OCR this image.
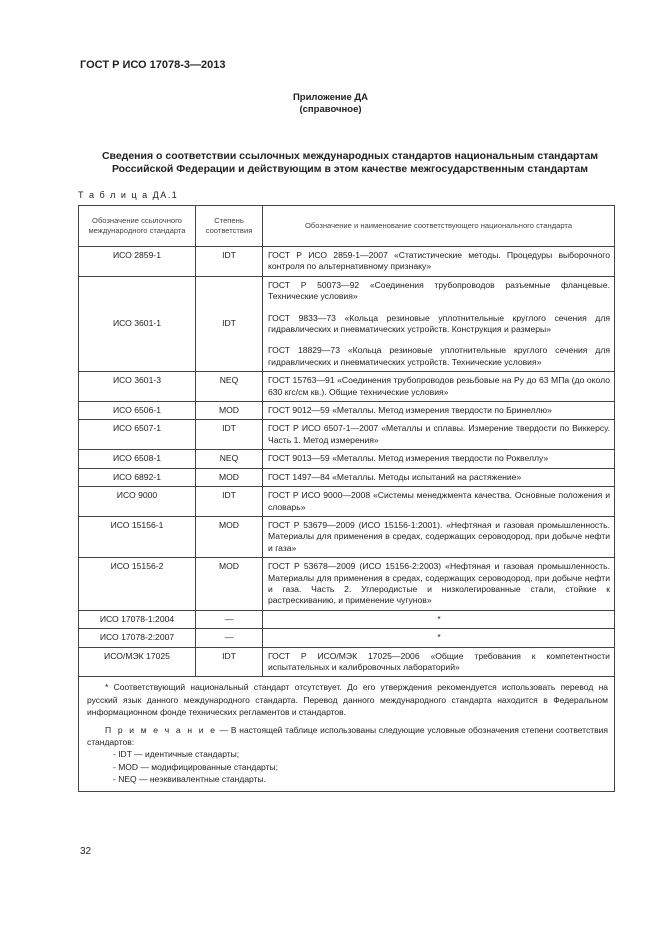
ГОСТ Р ИСО 17078-3—2013
Приложение ДА
(справочное)
Сведения о соответствии ссылочных международных стандартов национальным стандартам
Российской Федерации и действующим в этом качестве межгосударственным стандартам
Т а б л и ц а ДА.1
Обозначение ссылочного международного стандарта	Степень соответствия	Обозначение и наименование соответствующего национального стандарта
ИСО 2859-1	IDT	ГОСТ Р ИСО 2859-1—2007 «Статистические методы. Процедуры выборочного контроля по альтернативному признаку»

ИСО 3601-1	IDT	ГОСТ Р 50073—92 «Соединения трубопроводов разъемные фланцевые. Технические условия»

ГОСТ 9833—73 «Кольца резиновые уплотнительные круглого сечения для гидравлических и пневматических устройств. Конструкция и размеры»

ГОСТ 18829—73 «Кольца резиновые уплотнительные круглого сечения для гидравлических и пневматических устройств. Технические условия»

ИСО 3601-3	NEQ	ГОСТ 15763—91 «Соединения трубопроводов резьбовые на Ру до 63 МПа (до около 630 кгс/см кв.). Общие технические условия»

ИСО 6506-1	MOD	ГОСТ 9012—59 «Металлы. Метод измерения твердости по Бринеллю»

ИСО 6507-1	IDT	ГОСТ Р ИСО 6507-1—2007 «Металлы и сплавы. Измерение твердости по Виккерсу. Часть 1. Метод измерения»

ИСО 6508-1	NEQ	ГОСТ 9013—59 «Металлы. Метод измерения твердости по Роквеллу»

ИСО 6892-1	MOD	ГОСТ 1497—84 «Металлы. Методы испытаний на растяжение»

ИСО 9000	IDT	ГОСТ Р ИСО 9000—2008 «Системы менеджмента качества. Основные положения и словарь»

ИСО 15156-1	MOD	ГОСТ Р 53679—2009 (ИСО 15156-1:2001). «Нефтяная и газовая промышленность. Материалы для применения в средах, содержащих сероводород, при добыче нефти и газа»

ИСО 15156-2	MOD	ГОСТ Р 53678—2009 (ИСО 15156-2:2003) «Нефтяная и газовая промышленность. Материалы для применения в средах, содержащих сероводород, при добыче нефти и газа. Часть 2. Углеродистые и низколегированные стали, стойкие к растрескиванию, и применение чугунов»

ИСО 17078-1:2004	—	*

ИСО 17078-2:2007	—	*

ИСО/МЭК 17025	IDT	ГОСТ Р ИСО/МЭК 17025—2006 «Общие требования к компетентности испытательных и калибровочных лабораторий»

* Соответствующий национальный стандарт отсутствует. До его утверждения рекомендуется использовать перевод на русский язык данного международного стандарта. Перевод данного международного стандарта находится в Федеральном информационном фонде технических регламентов и стандартов.

П р и м е ч а н и е — В настоящей таблице использованы следующие условные обозначения степени соответствия стандартов:

- IDT — идентичные стандарты;

- MOD — модифицированные стандарты;

- NEQ — неэквивалентные стандарты.		

32
